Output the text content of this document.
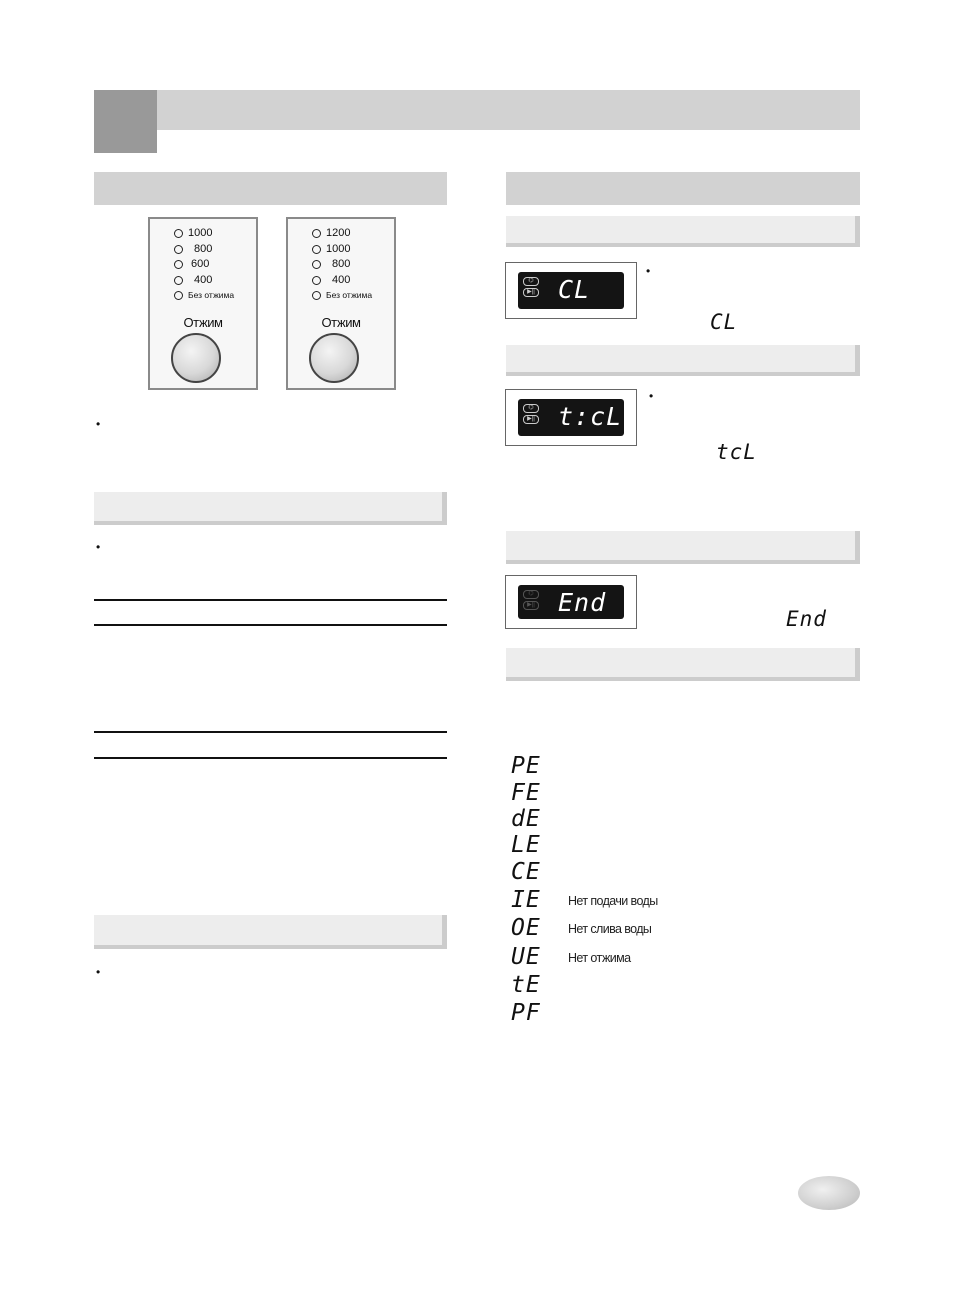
1000
800
600
400
Без отжима
Отжим
1200
1000
800
400
Без отжима
Отжим
•
•
•
⌬
▶|| CL
•
CL
⌬
▶|| t:cL
•
tcL
⌬
▶|| End
End
PE
FE
dE
LE
CE
IE Нет подачи воды
OE Нет слива воды
UE Нет отжима
tE
PF
